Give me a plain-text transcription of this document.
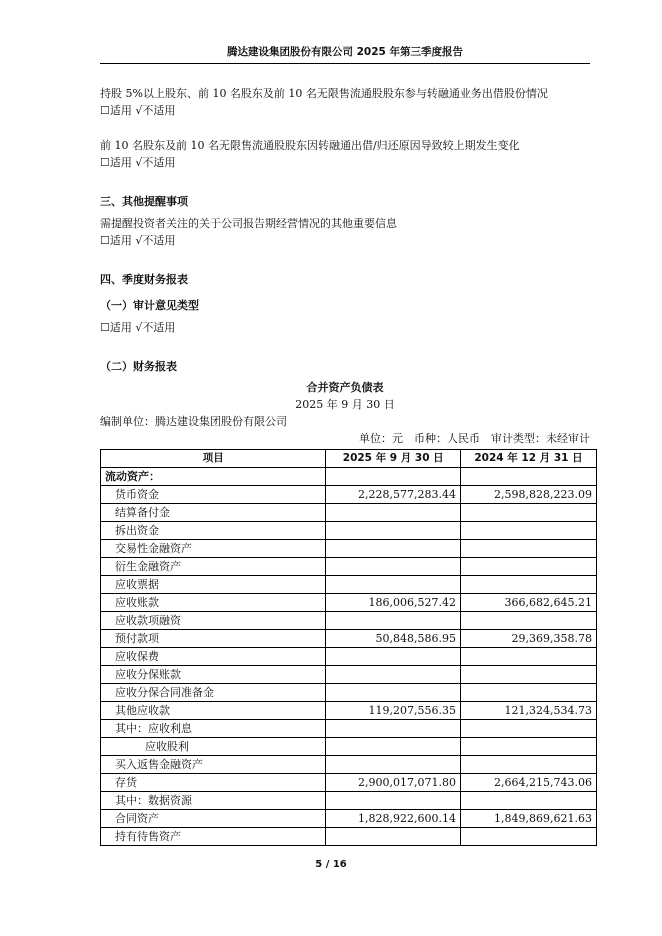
腾达建设集团股份有限公司 2025 年第三季度报告
持股 5%以上股东、前 10 名股东及前 10 名无限售流通股股东参与转融通业务出借股份情况
☐适用 √不适用
前 10 名股东及前 10 名无限售流通股股东因转融通出借/归还原因导致较上期发生变化
☐适用 √不适用
三、其他提醒事项
需提醒投资者关注的关于公司报告期经营情况的其他重要信息
☐适用 √不适用
四、季度财务报表
（一）审计意见类型
☐适用 √不适用
（二）财务报表
合并资产负债表
2025 年 9 月 30 日
编制单位：腾达建设集团股份有限公司
单位：元　币种：人民币　审计类型：未经审计
项目	2025 年 9 月 30 日	2024 年 12 月 31 日
流动资产：		
货币资金	2,228,577,283.44	2,598,828,223.09
结算备付金		
拆出资金		
交易性金融资产		
衍生金融资产		
应收票据		
应收账款	186,006,527.42	366,682,645.21
应收款项融资		
预付款项	50,848,586.95	29,369,358.78
应收保费		
应收分保账款		
应收分保合同准备金		
其他应收款	119,207,556.35	121,324,534.73
其中：应收利息		
应收股利		
买入返售金融资产		
存货	2,900,017,071.80	2,664,215,743.06
其中：数据资源		
合同资产	1,828,922,600.14	1,849,869,621.63
持有待售资产		
5 / 16
